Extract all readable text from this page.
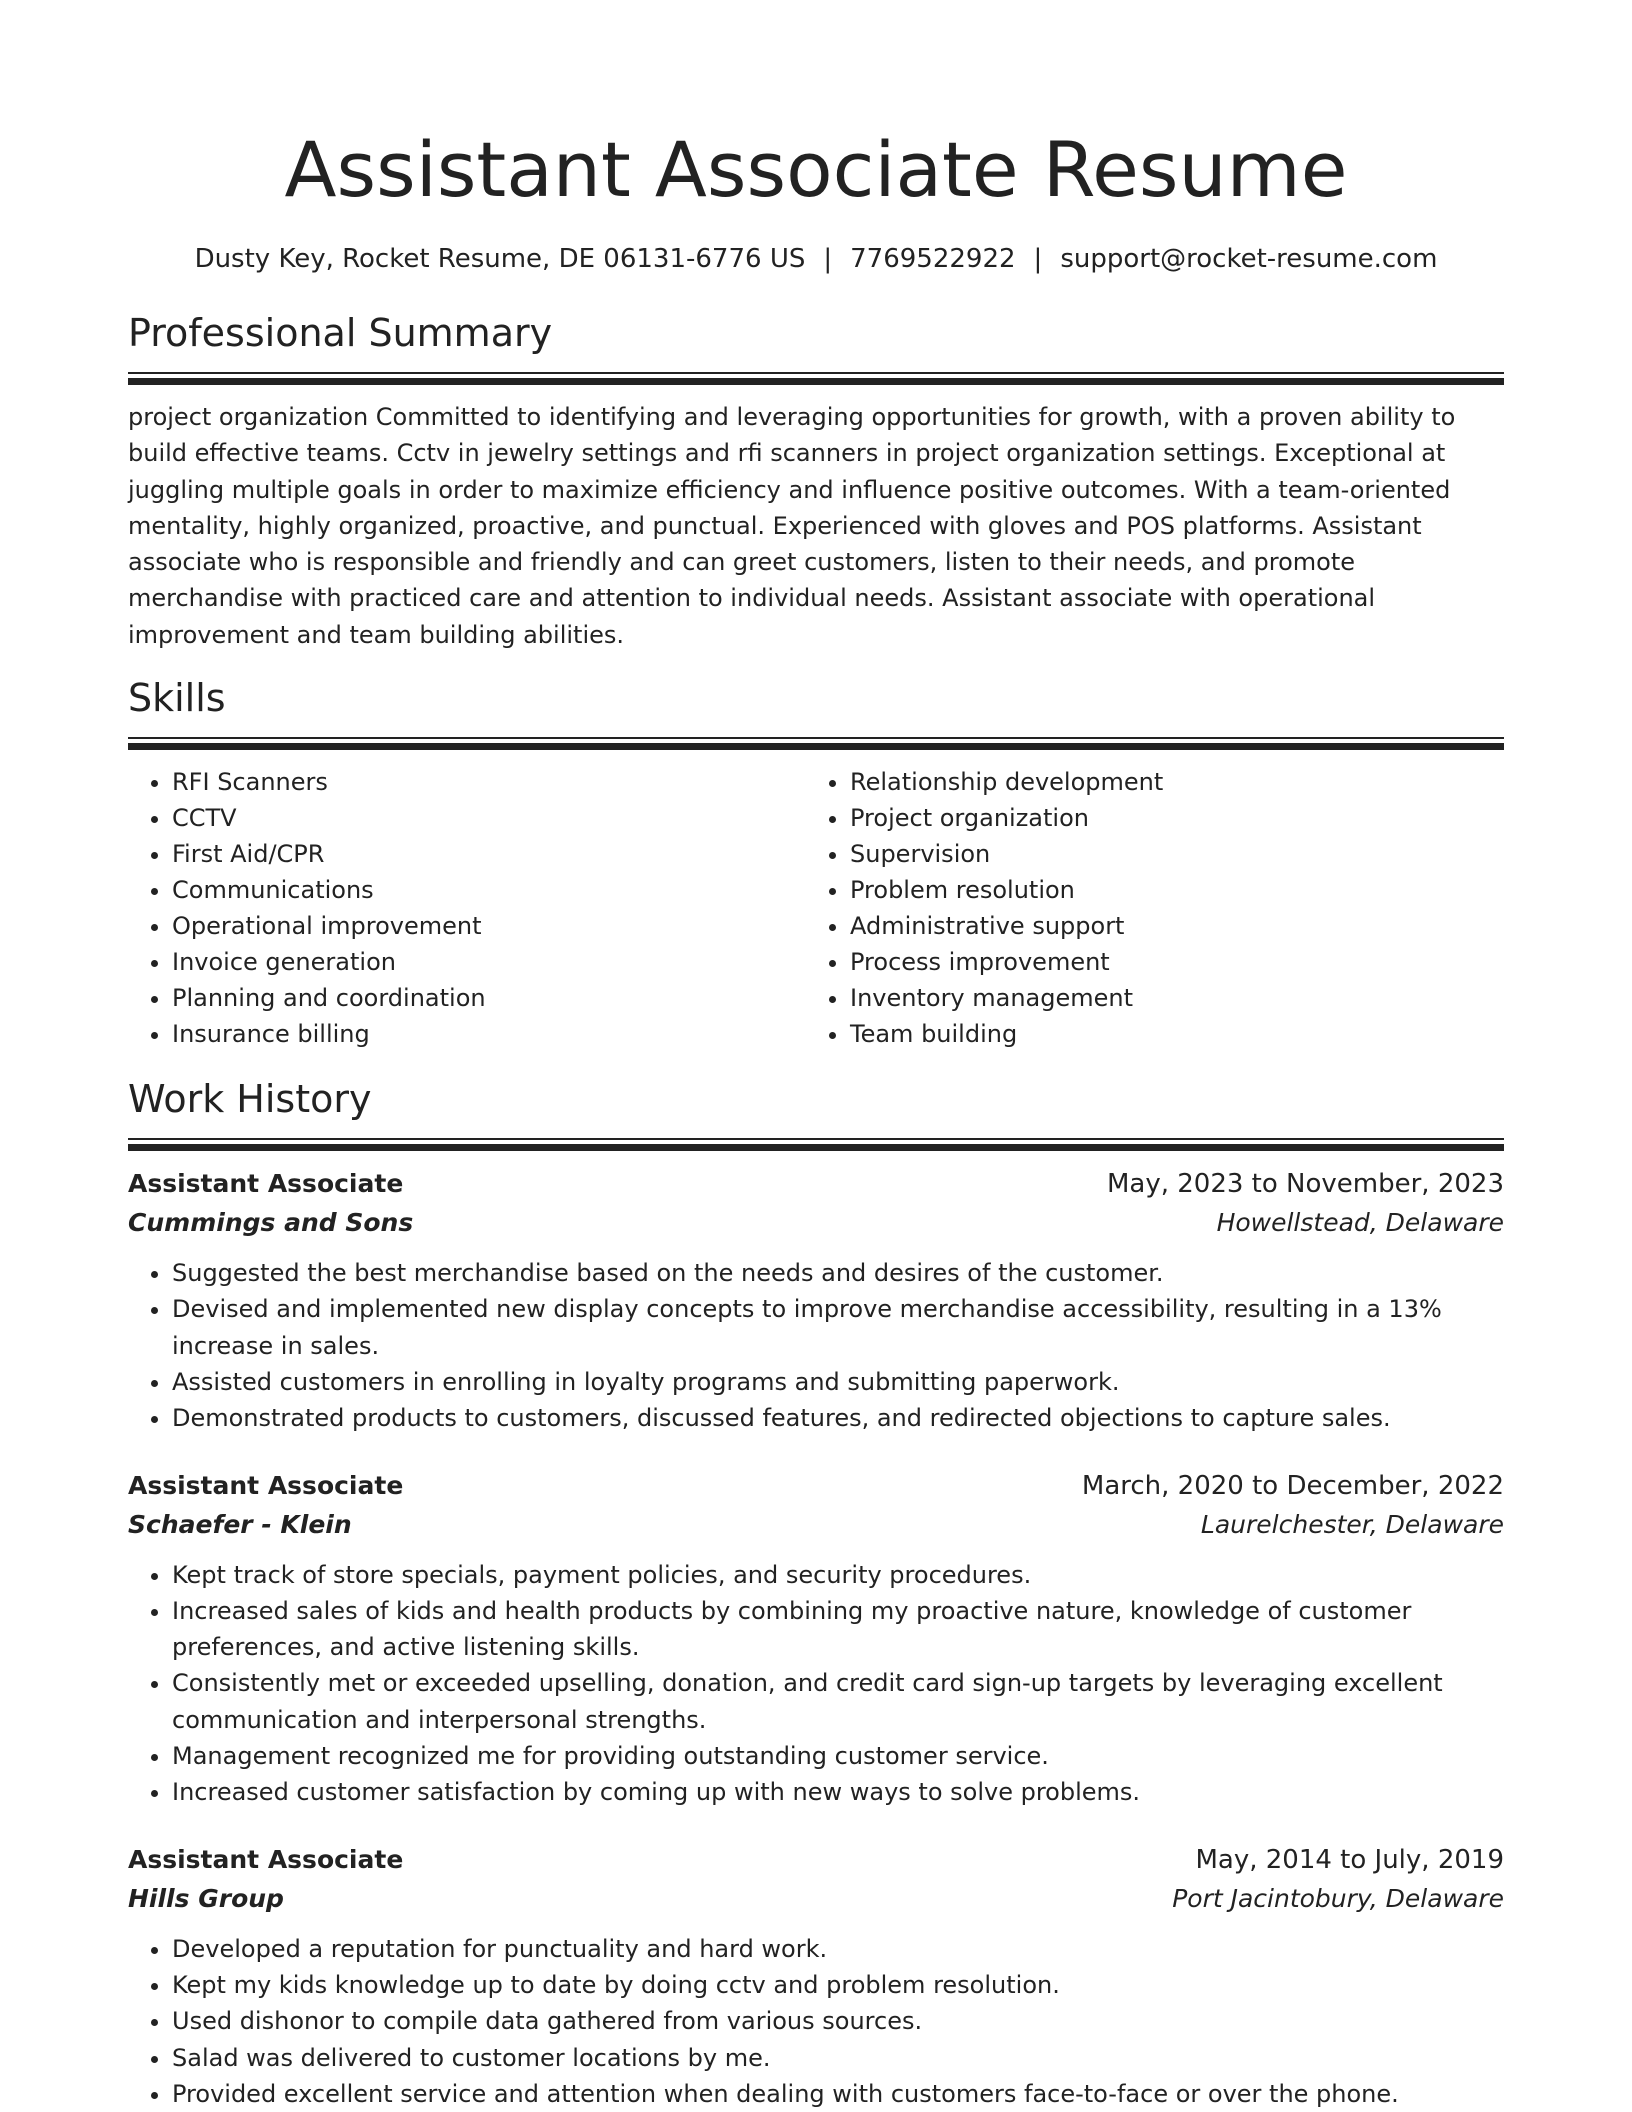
Assistant Associate Resume
Dusty Key, Rocket Resume, DE 06131-6776 US | 7769522922 | support@rocket-resume.com
Professional Summary

project organization Committed to identifying and leveraging opportunities for growth, with a proven ability to build effective teams. Cctv in jewelry settings and rfi scanners in project organization settings. Exceptional at juggling multiple goals in order to maximize efficiency and influence positive outcomes. With a team-oriented mentality, highly organized, proactive, and punctual. Experienced with gloves and POS platforms. Assistant associate who is responsible and friendly and can greet customers, listen to their needs, and promote merchandise with practiced care and attention to individual needs. Assistant associate with operational improvement and team building abilities.

Skills
• RFI Scanners
• CCTV
• First Aid/CPR
• Communications
• Operational improvement
• Invoice generation
• Planning and coordination
• Insurance billing
• Relationship development
• Project organization
• Supervision
• Problem resolution
• Administrative support
• Process improvement
• Inventory management
• Team building
Work History
Assistant Associate	May, 2023 to November, 2023
Cummings and Sons	Howellstead, Delaware
• Suggested the best merchandise based on the needs and desires of the customer.
• Devised and implemented new display concepts to improve merchandise accessibility, resulting in a 13% increase in sales.
• Assisted customers in enrolling in loyalty programs and submitting paperwork.
• Demonstrated products to customers, discussed features, and redirected objections to capture sales.
Assistant Associate	March, 2020 to December, 2022
Schaefer - Klein	Laurelchester, Delaware
• Kept track of store specials, payment policies, and security procedures.
• Increased sales of kids and health products by combining my proactive nature, knowledge of customer preferences, and active listening skills.
• Consistently met or exceeded upselling, donation, and credit card sign-up targets by leveraging excellent communication and interpersonal strengths.
• Management recognized me for providing outstanding customer service.
• Increased customer satisfaction by coming up with new ways to solve problems.
Assistant Associate	May, 2014 to July, 2019
Hills Group	Port Jacintobury, Delaware
• Developed a reputation for punctuality and hard work.
• Kept my kids knowledge up to date by doing cctv and problem resolution.
• Used dishonor to compile data gathered from various sources.
• Salad was delivered to customer locations by me.
• Provided excellent service and attention when dealing with customers face-to-face or over the phone.
